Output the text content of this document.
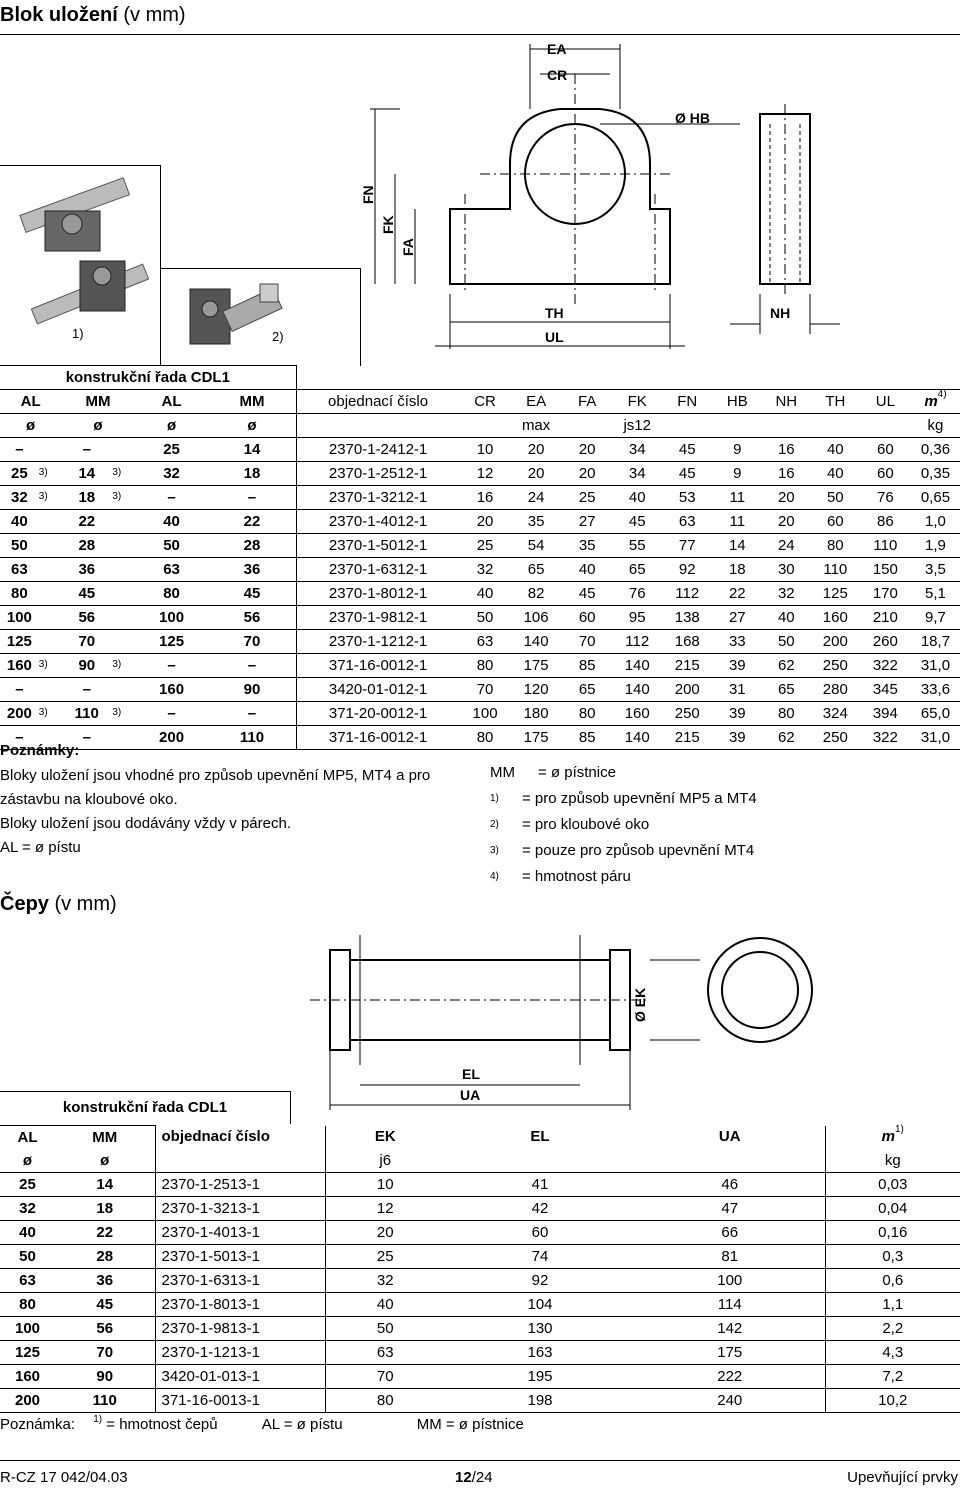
Blok uložení (v mm)
1)	2)
EA
CR
Ø HB
FN
FK
FA
TH
UL
NH
konstrukční řada CDL1																
AL		MM		AL	MM	objednací číslo	CR	EA	FA	FK	FN	HB	NH	TH	UL	$m^{4)}$
ø		ø		ø	ø			max		js12						kg
–		–		25	14	2370-1-2412-1	10	20	20	34	45	9	16	40	60	0,36
25	3)	14	3)	32	18	2370-1-2512-1	12	20	20	34	45	9	16	40	60	0,35
32	3)	18	3)	–	–	2370-1-3212-1	16	24	25	40	53	11	20	50	76	0,65
40		22		40	22	2370-1-4012-1	20	35	27	45	63	11	20	60	86	1,0
50		28		50	28	2370-1-5012-1	25	54	35	55	77	14	24	80	110	1,9
63		36		63	36	2370-1-6312-1	32	65	40	65	92	18	30	110	150	3,5
80		45		80	45	2370-1-8012-1	40	82	45	76	112	22	32	125	170	5,1
100		56		100	56	2370-1-9812-1	50	106	60	95	138	27	40	160	210	9,7
125		70		125	70	2370-1-1212-1	63	140	70	112	168	33	50	200	260	18,7
160	3)	90	3)	–	–	371-16-0012-1	80	175	85	140	215	39	62	250	322	31,0
–		–		160	90	3420-01-012-1	70	120	65	140	200	31	65	280	345	33,6
200	3)	110	3)	–	–	371-20-0012-1	100	180	80	160	250	39	80	324	394	65,0
–		–		200	110	371-16-0012-1	80	175	85	140	215	39	62	250	322	31,0
Poznámky:
Bloky uložení jsou vhodné pro způsob upevnění MP5, MT4 a pro
zástavbu na kloubové oko.
Bloky uložení jsou dodávány vždy v párech.
AL = ø pístu
MM = ø pístnice
1) = pro způsob upevnění MP5 a MT4
2) = pro kloubové oko
3) = pouze pro způsob upevnění MT4
4) = hmotnost páru
Čepy (v mm)
Ø EK
EL
UA
konstrukční řada CDL1
AL	MM	objednací číslo	EK	EL	UA	$m^{1)}$
ø	ø		j6			kg
25	14	2370-1-2513-1	10	41	46	0,03
32	18	2370-1-3213-1	12	42	47	0,04
40	22	2370-1-4013-1	20	60	66	0,16
50	28	2370-1-5013-1	25	74	81	0,3
63	36	2370-1-6313-1	32	92	100	0,6
80	45	2370-1-8013-1	40	104	114	1,1
100	56	2370-1-9813-1	50	130	142	2,2
125	70	2370-1-1213-1	63	163	175	4,3
160	90	3420-01-013-1	70	195	222	7,2
200	110	371-16-0013-1	80	198	240	10,2
Poznámka: $^{1)}$ = hmotnost čepů	AL = ø pístu	MM = ø pístnice
R-CZ 17 042/04.03	12/24	Upevňující prvky
